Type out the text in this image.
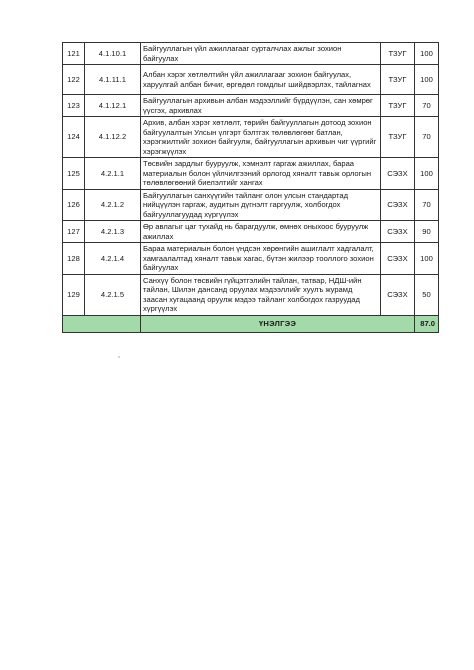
121	4.1.10.1	Байгууллагын үйл ажиллагааг сурталчлах ажлыг зохион байгуулах	ТЗУГ	100
122	4.1.11.1	Албан хэрэг хөтлөлтийн үйл ажиллагааг зохион байгуулах, харуулгай албан бичиг, өргөдөл гомдлыг шийдвэрлэх, тайлагнах	ТЗУГ	100
123	4.1.12.1	Байгууллагын архивын албан мэдээллийг бүрдүүлэн, сан хөмрөг үүсгэх, архивлах	ТЗУГ	70
124	4.1.12.2	Архив, албан хэрэг хөтлөлт, төрийн байгууллагын дотоод зохион байгуулалтын Улсын үлгэрт бэлтгэх төлөвлөгөөг батлан, хэрэгжилтийг зохион байгуулж, байгууллагын архивын чиг үүргийг хэрэгжүүлэх	ТЗУГ	70
125	4.2.1.1	Төсвийн зардлыг бууруулж, хэмнэлт гаргаж ажиллах, бараа материалын болон үйлчилгээний орлогод хяналт тавьж орлогын төлөвлөгөөний биелэлтийг хангах	СЭЗХ	100
126	4.2.1.2	Байгууллагын санхүүгийн тайланг олон улсын стандартад нийцүүлэн гаргаж, аудитын дүгнэлт гаргуулж, холбогдох байгууллагуудад хүргүүлэх	СЭЗХ	70
127	4.2.1.3	Өр авлагыг цаг тухайд нь барагдуулж, өмнөх оныхоос бууруулж ажиллах	СЭЗХ	90
128	4.2.1.4	Бараа материалын болон үндсэн хөрөнгийн ашиглалт хадгалалт, хамгаалалтад хяналт тавьж хагас, бүтэн жилээр тооллого зохион байгуулах	СЭЗХ	100
129	4.2.1.5	Санхүү болон төсвийн гүйцэтгэлийн тайлан, татвар, НДШ-ийн тайлан, Шилэн дансанд оруулах мэдээллийг хуулъ журамд заасан хугацаанд оруулж мэдээ тайланг холбогдох газруудад хүргүүлэх	СЭЗХ	50
		ҮНЭЛГЭЭ		87.0
